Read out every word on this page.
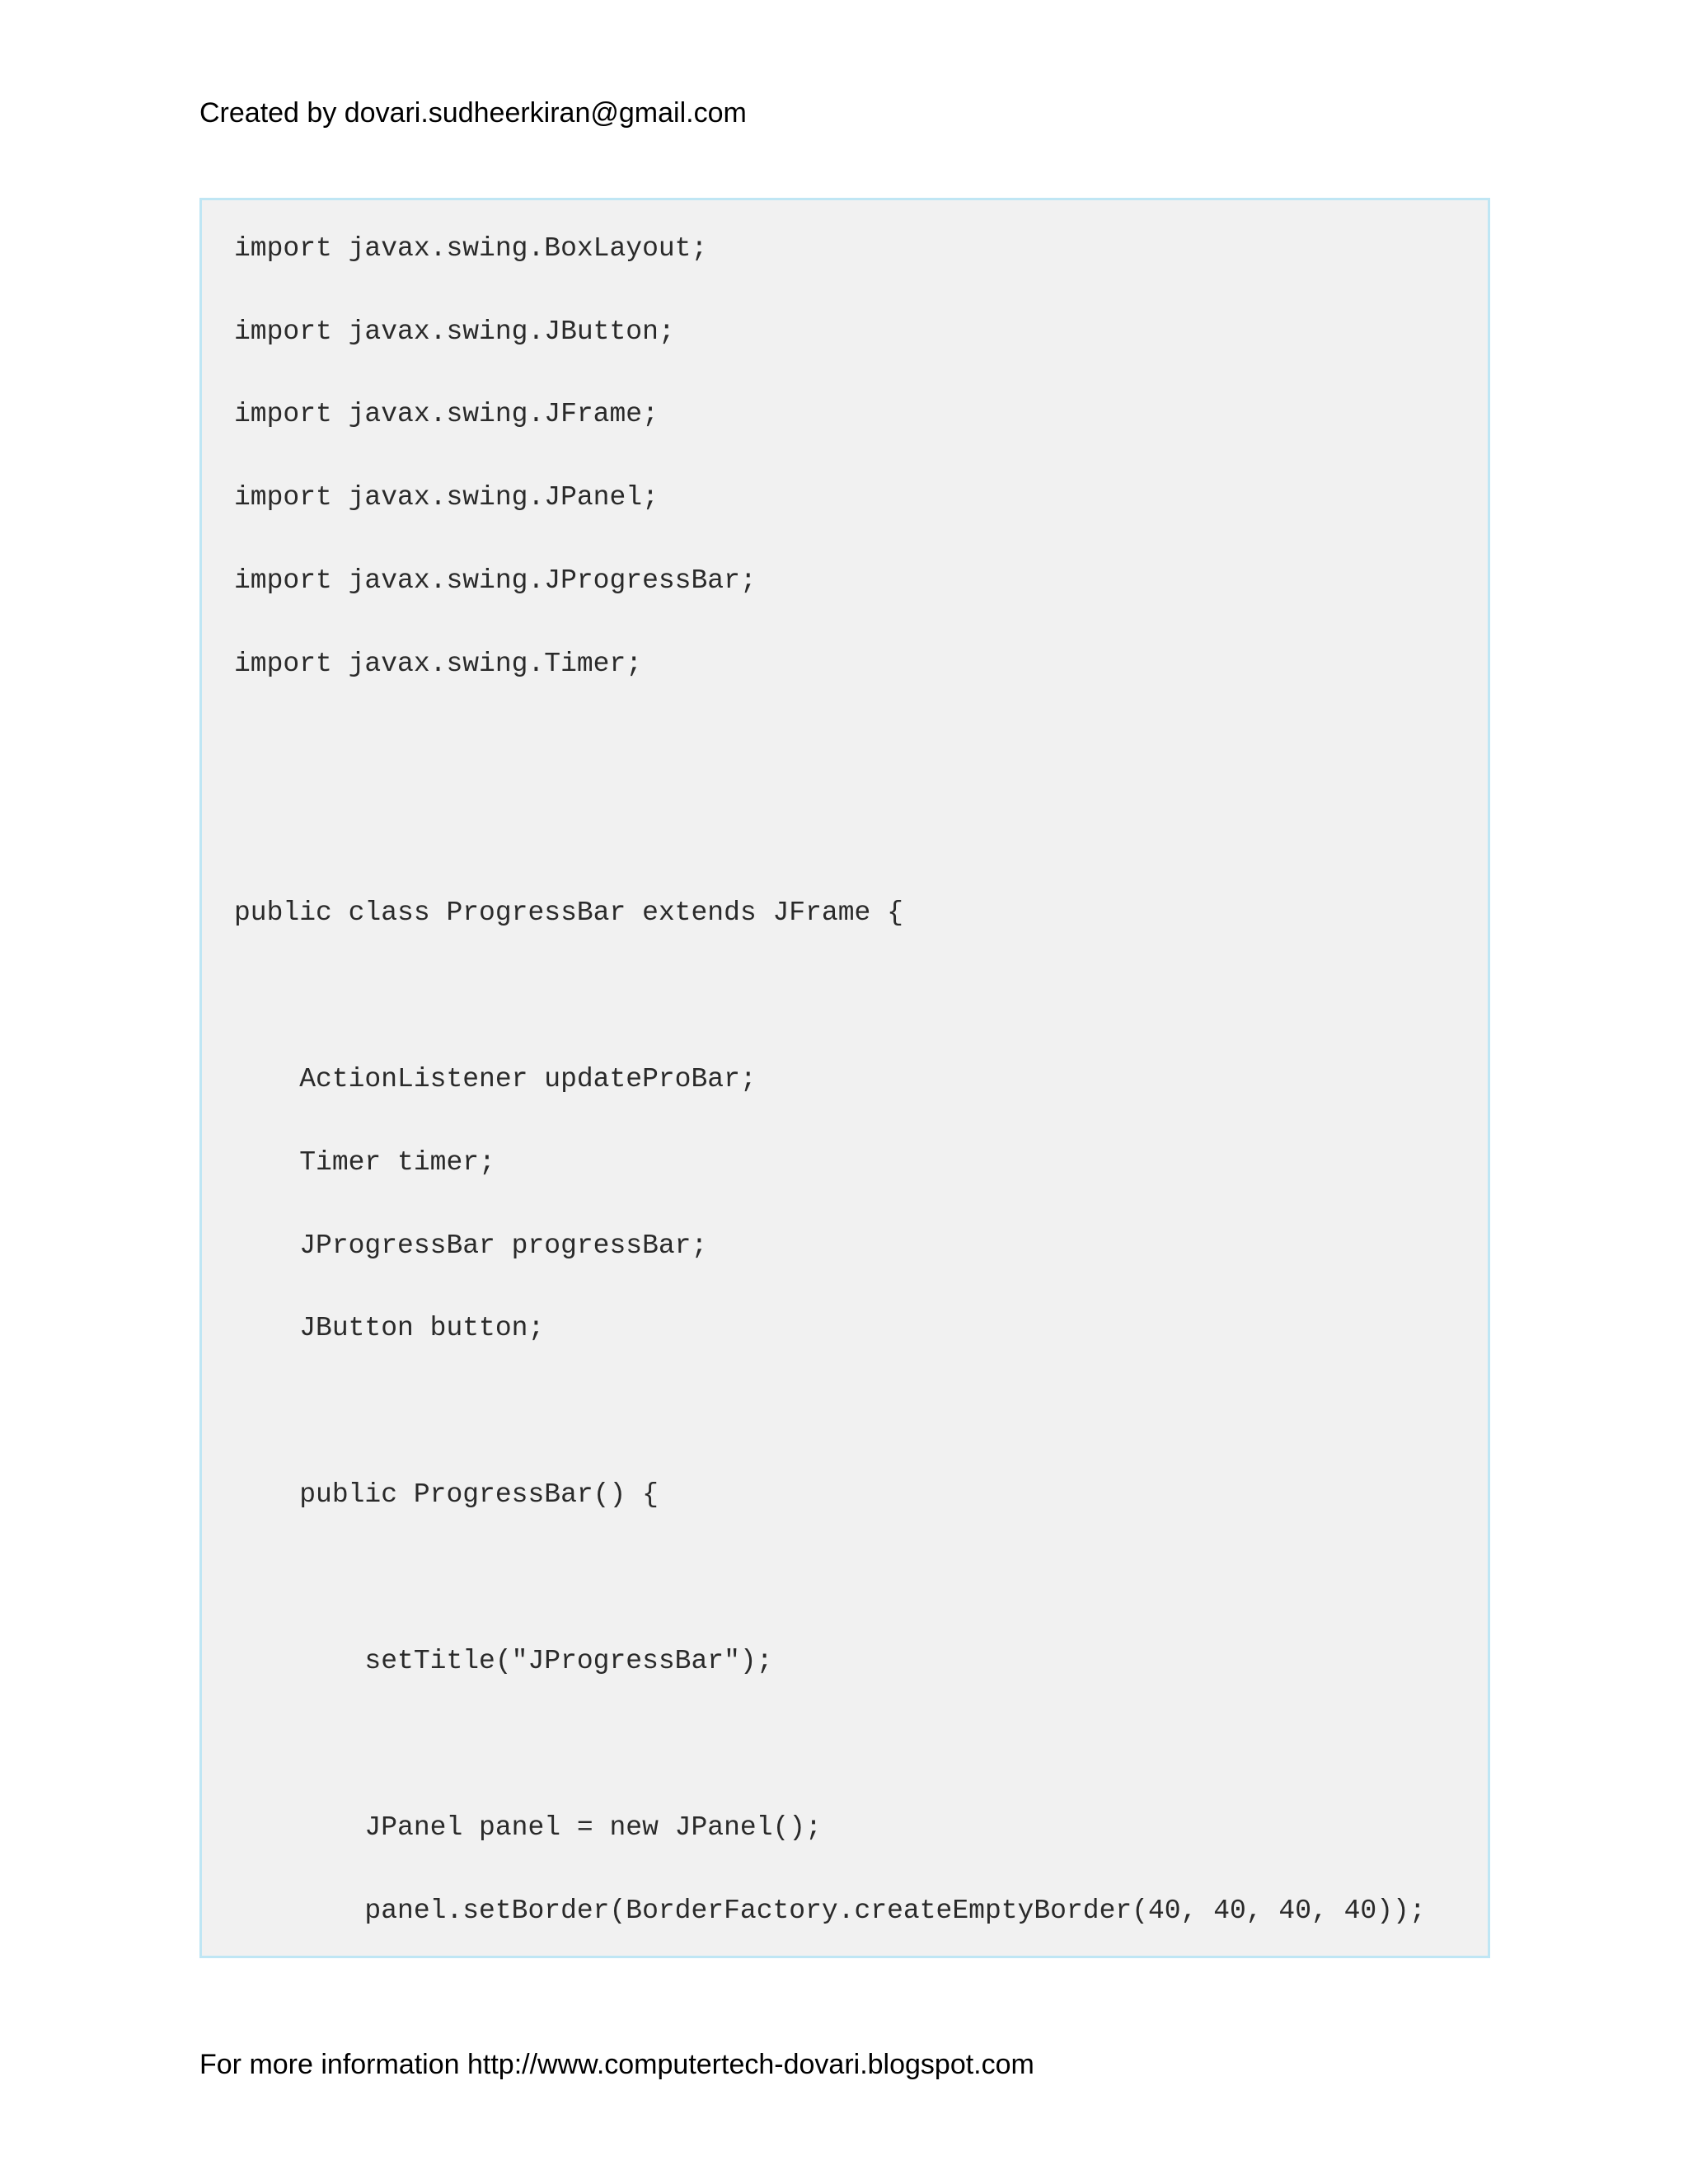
Created by dovari.sudheerkiran@gmail.com
import javax.swing.BoxLayout;
import javax.swing.JButton;
import javax.swing.JFrame;
import javax.swing.JPanel;
import javax.swing.JProgressBar;
import javax.swing.Timer;
public class ProgressBar extends JFrame {
ActionListener updateProBar;
Timer timer;
JProgressBar progressBar;
JButton button;
public ProgressBar() {
setTitle("JProgressBar");
JPanel panel = new JPanel();
panel.setBorder(BorderFactory.createEmptyBorder(40, 40, 40, 40));
For more information http://www.computertech-dovari.blogspot.com
